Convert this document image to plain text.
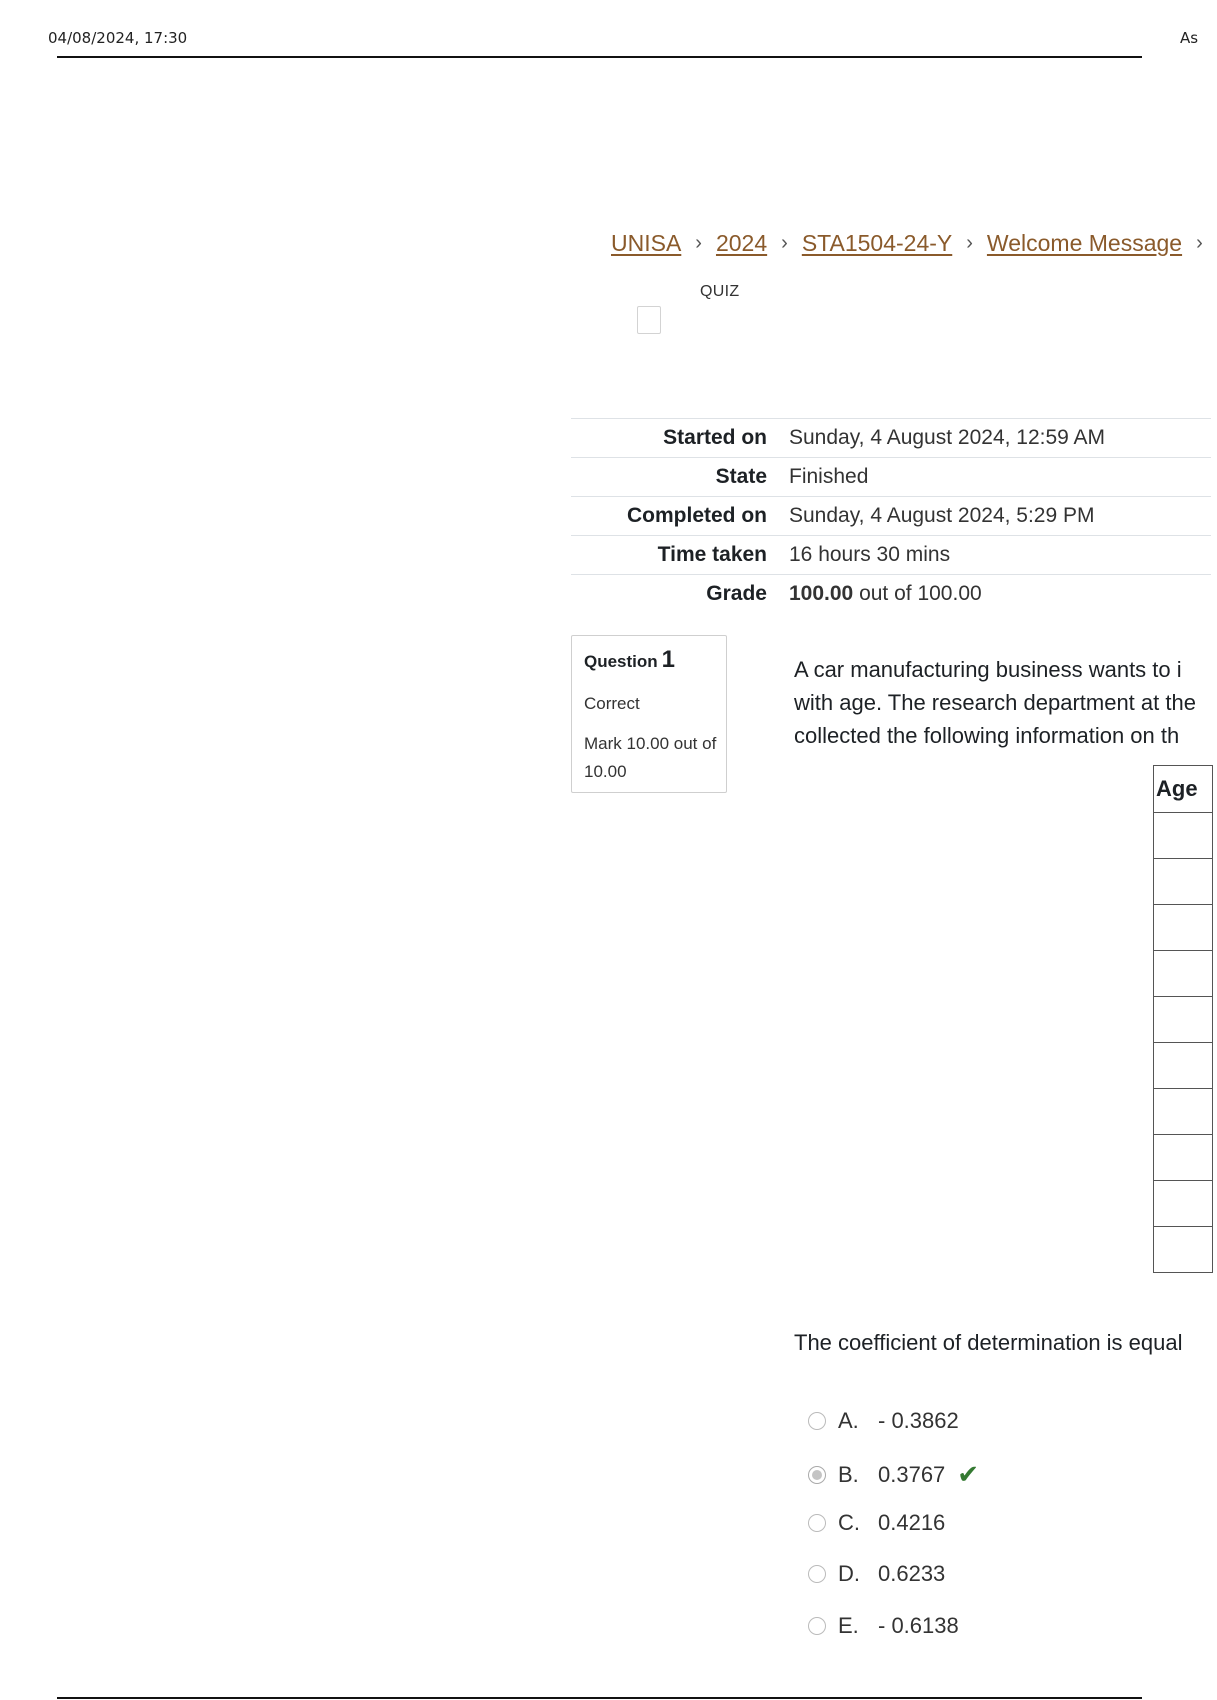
04/08/2024, 17:30	As
UNISA › 2024 › STA1504-24-Y › Welcome Message ›
QUIZ
Started on	Sunday, 4 August 2024, 12:59 AM
State	Finished
Completed on	Sunday, 4 August 2024, 5:29 PM
Time taken	16 hours 30 mins
Grade	100.00 out of 100.00
Question 1
Correct
Mark 10.00 out of 10.00
A car manufacturing business wants to i
with age. The research department at the
collected the following information on th
Age

The coefficient of determination is equal
A. - 0.3862
B. 0.3767 ✔
C. 0.4216
D. 0.6233
E. - 0.6138
